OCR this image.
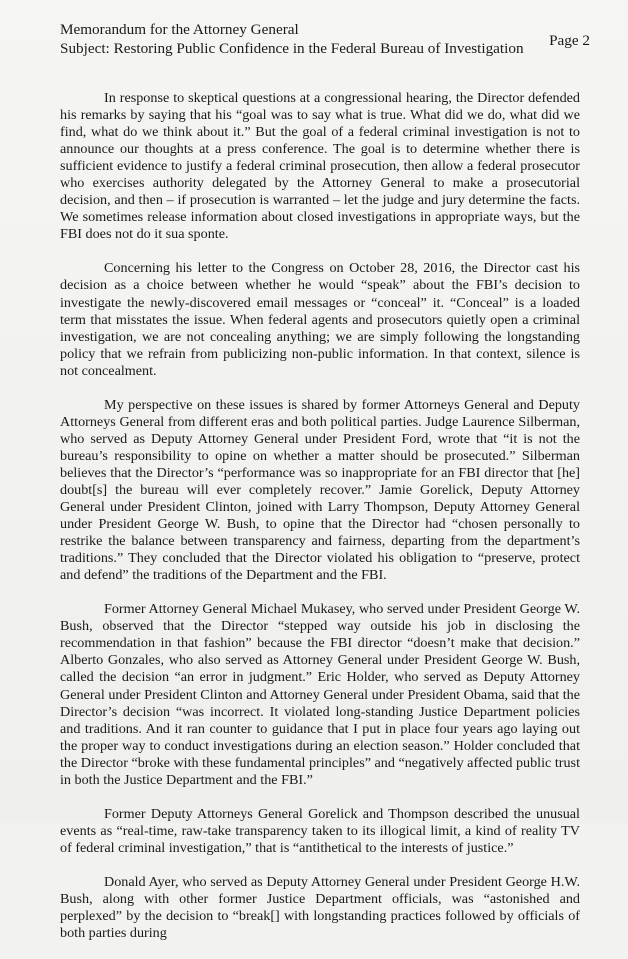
Memorandum for the Attorney General
Subject: Restoring Public Confidence in the Federal Bureau of Investigation Page 2

In response to skeptical questions at a congressional hearing, the Director defended his remarks by saying that his “goal was to say what is true. What did we do, what did we find, what do we think about it.” But the goal of a federal criminal investigation is not to announce our thoughts at a press conference. The goal is to determine whether there is sufficient evidence to justify a federal criminal prosecution, then allow a federal prosecutor who exercises authority delegated by the Attorney General to make a prosecutorial decision, and then – if prosecution is warranted – let the judge and jury determine the facts. We sometimes release information about closed investigations in appropriate ways, but the FBI does not do it sua sponte.

Concerning his letter to the Congress on October 28, 2016, the Director cast his decision as a choice between whether he would “speak” about the FBI’s decision to investigate the newly-discovered email messages or “conceal” it. “Conceal” is a loaded term that misstates the issue. When federal agents and prosecutors quietly open a criminal investigation, we are not concealing anything; we are simply following the longstanding policy that we refrain from publicizing non-public information. In that context, silence is not concealment.

My perspective on these issues is shared by former Attorneys General and Deputy Attorneys General from different eras and both political parties. Judge Laurence Silberman, who served as Deputy Attorney General under President Ford, wrote that “it is not the bureau’s responsibility to opine on whether a matter should be prosecuted.” Silberman believes that the Director’s “performance was so inappropriate for an FBI director that [he] doubt[s] the bureau will ever completely recover.” Jamie Gorelick, Deputy Attorney General under President Clinton, joined with Larry Thompson, Deputy Attorney General under President George W. Bush, to opine that the Director had “chosen personally to restrike the balance between transparency and fairness, departing from the department’s traditions.” They concluded that the Director violated his obligation to “preserve, protect and defend” the traditions of the Department and the FBI.

Former Attorney General Michael Mukasey, who served under President George W. Bush, observed that the Director “stepped way outside his job in disclosing the recommendation in that fashion” because the FBI director “doesn’t make that decision.” Alberto Gonzales, who also served as Attorney General under President George W. Bush, called the decision “an error in judgment.” Eric Holder, who served as Deputy Attorney General under President Clinton and Attorney General under President Obama, said that the Director’s decision “was incorrect. It violated long-standing Justice Department policies and traditions. And it ran counter to guidance that I put in place four years ago laying out the proper way to conduct investigations during an election season.” Holder concluded that the Director “broke with these fundamental principles” and “negatively affected public trust in both the Justice Department and the FBI.”

Former Deputy Attorneys General Gorelick and Thompson described the unusual events as “real-time, raw-take transparency taken to its illogical limit, a kind of reality TV of federal criminal investigation,” that is “antithetical to the interests of justice.”

Donald Ayer, who served as Deputy Attorney General under President George H.W. Bush, along with other former Justice Department officials, was “astonished and perplexed” by the decision to “break[] with longstanding practices followed by officials of both parties during
